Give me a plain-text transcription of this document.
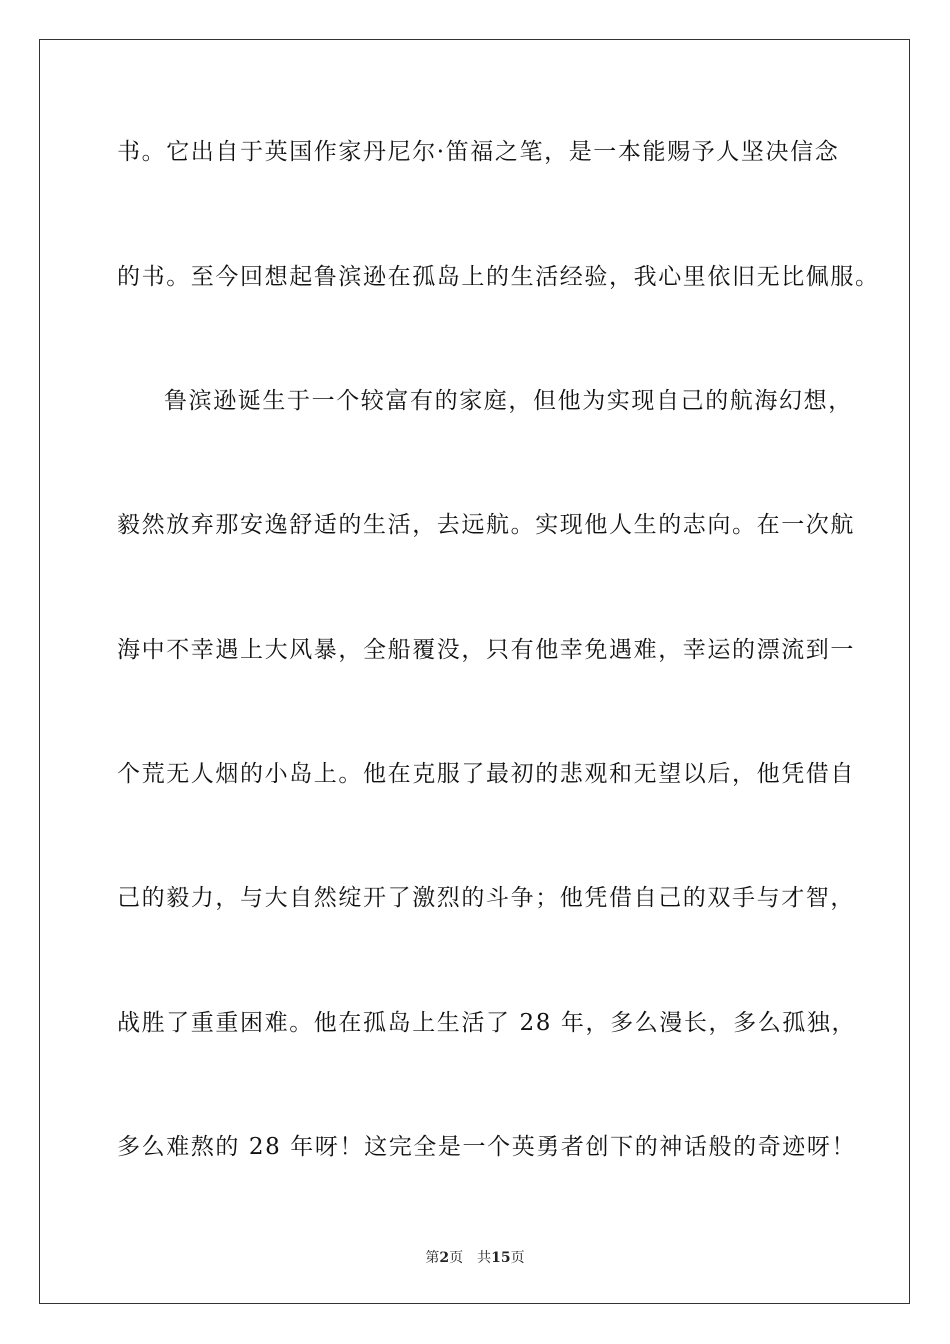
书。它出自于英国作家丹尼尔·笛福之笔，是一本能赐予人坚决信念
的书。至今回想起鲁滨逊在孤岛上的生活经验，我心里依旧无比佩服。
鲁滨逊诞生于一个较富有的家庭，但他为实现自己的航海幻想，
毅然放弃那安逸舒适的生活，去远航。实现他人生的志向。在一次航
海中不幸遇上大风暴，全船覆没，只有他幸免遇难，幸运的漂流到一
个荒无人烟的小岛上。他在克服了最初的悲观和无望以后，他凭借自
己的毅力，与大自然绽开了激烈的斗争；他凭借自己的双手与才智，
战胜了重重困难。他在孤岛上生活了 28 年，多么漫长，多么孤独，
多么难熬的 28 年呀！这完全是一个英勇者创下的神话般的奇迹呀！
第2页 共15页
